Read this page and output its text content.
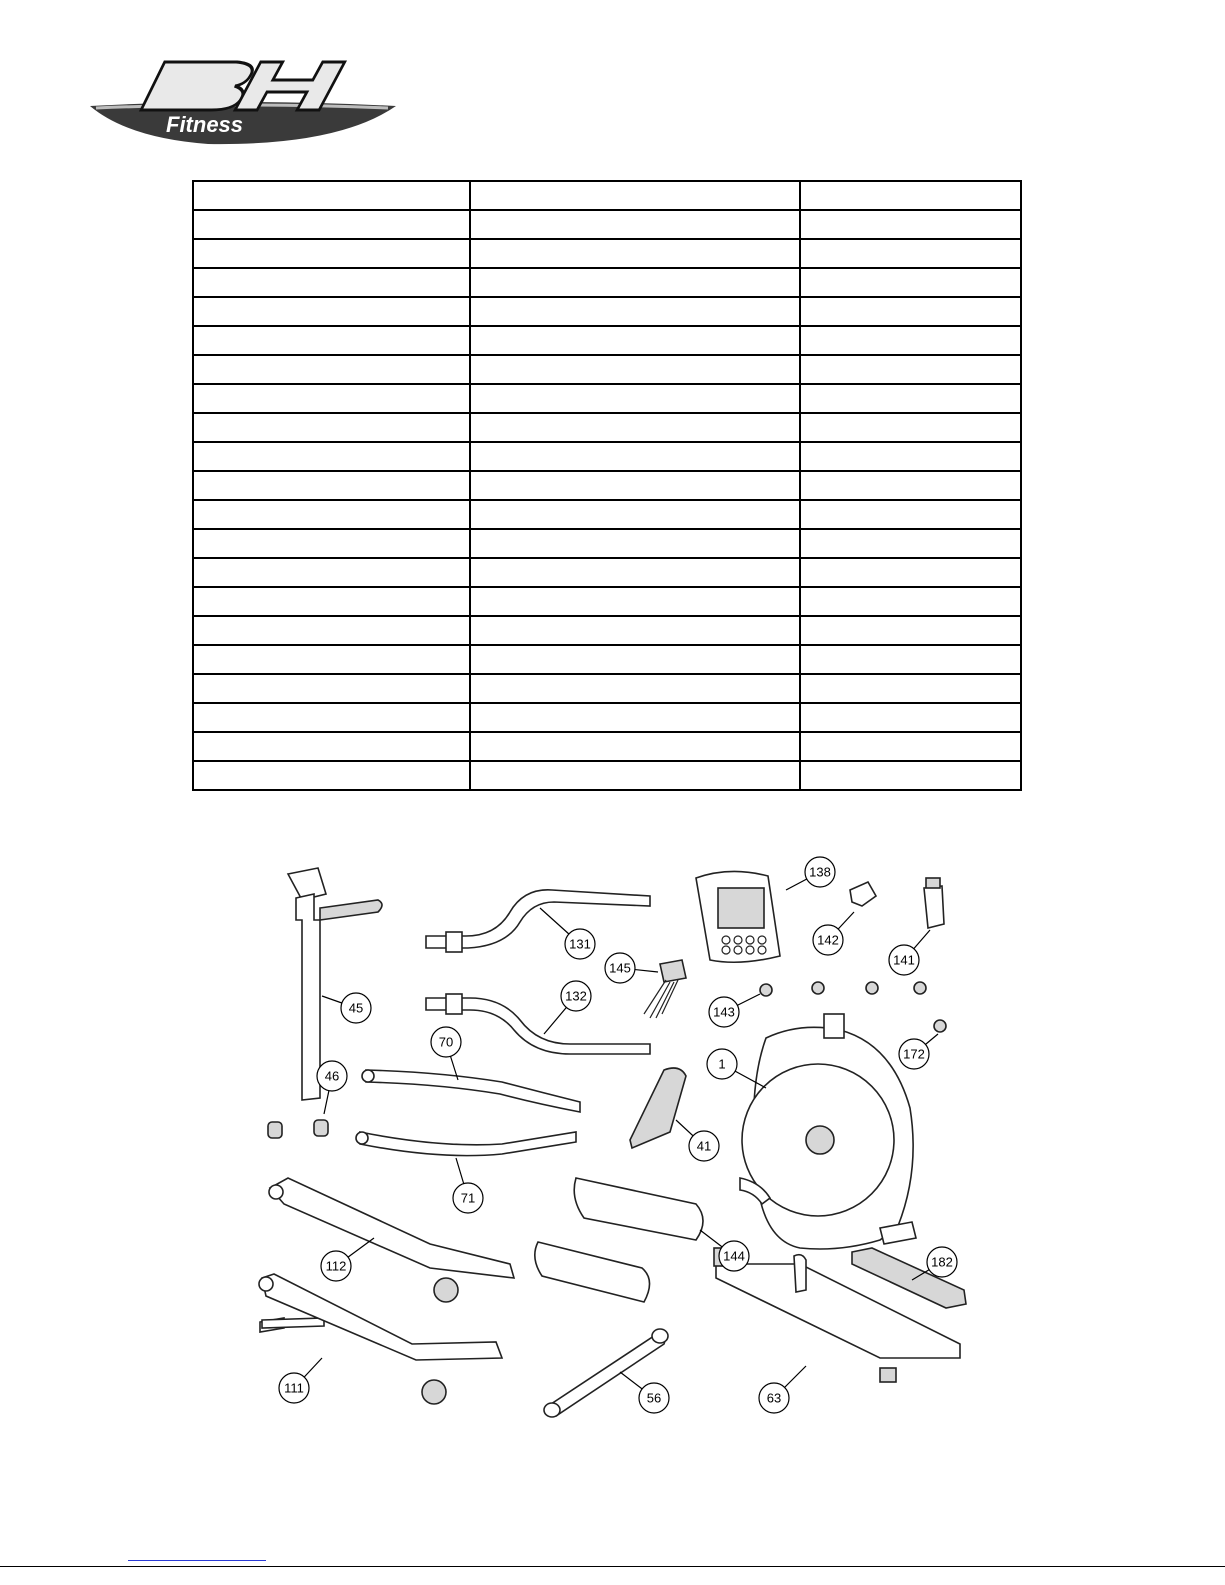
Fitness

138
131	142
141
145
132
45	143
70
1
172
46
41
71
144
112	182
111
56	63
